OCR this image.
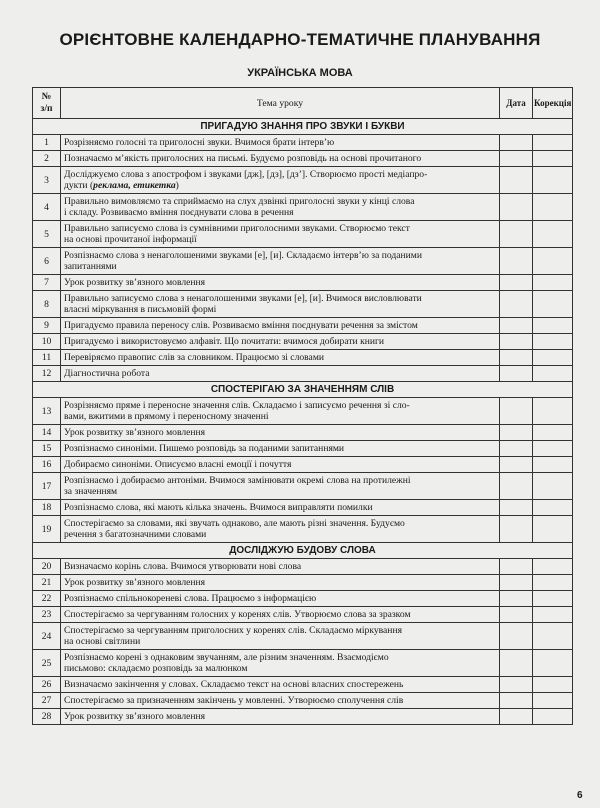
ОРІЄНТОВНЕ КАЛЕНДАРНО-ТЕМАТИЧНЕ ПЛАНУВАННЯ
УКРАЇНСЬКА МОВА
№
з/п	Тема уроку	Дата	Корекція
ПРИГАДУЮ ЗНАННЯ ПРО ЗВУКИ І БУКВИ			
1	Розрізняємо голосні та приголосні звуки. Вчимося брати інтерв’ю		
2	Позначаємо м’якість приголосних на письмі. Будуємо розповідь на основі прочитаного		
3	Досліджуємо слова з апострофом і звуками [дж], [дз], [дз’]. Створюємо прості медіапро-
дукти (реклама, етикетка)		
4	Правильно вимовляємо та сприймаємо на слух дзвінкі приголосні звуки у кінці слова
і складу. Розвиваємо вміння поєднувати слова в речення		
5	Правильно записуємо слова із сумнівними приголосними звуками. Створюємо текст
на основі прочитаної інформації		
6	Розпізнаємо слова з ненаголошеними звуками [е], [и]. Складаємо інтерв’ю за поданими
запитаннями		
7	Урок розвитку зв’язного мовлення		
8	Правильно записуємо слова з ненаголошеними звуками [е], [и]. Вчимося висловлювати
власні міркування в письмовій формі		
9	Пригадуємо правила переносу слів. Розвиваємо вміння поєднувати речення за змістом		
10	Пригадуємо і використовуємо алфавіт. Що почитати: вчимося добирати книги		
11	Перевіряємо правопис слів за словником. Працюємо зі словами		
12	Діагностична робота		
СПОСТЕРІГАЮ ЗА ЗНАЧЕННЯМ СЛІВ			
13	Розрізняємо пряме і переносне значення слів. Складаємо і записуємо речення зі сло-
вами, вжитими в прямому і переносному значенні		
14	Урок розвитку зв’язного мовлення		
15	Розпізнаємо синоніми. Пишемо розповідь за поданими запитаннями		
16	Добираємо синоніми. Описуємо власні емоції і почуття		
17	Розпізнаємо і добираємо антоніми. Вчимося замінювати окремі слова на протилежні
за значенням		
18	Розпізнаємо слова, які мають кілька значень. Вчимося виправляти помилки		
19	Спостерігаємо за словами, які звучать однаково, але мають різні значення. Будуємо
речення з багатозначними словами		
ДОСЛІДЖУЮ БУДОВУ СЛОВА			
20	Визначаємо корінь слова. Вчимося утворювати нові слова		
21	Урок розвитку зв’язного мовлення		
22	Розпізнаємо спільнокореневі слова. Працюємо з інформацією		
23	Спостерігаємо за чергуванням голосних у коренях слів. Утворюємо слова за зразком		
24	Спостерігаємо за чергуванням приголосних у коренях слів. Складаємо міркування
на основі світлини		
25	Розпізнаємо корені з однаковим звучанням, але різним значенням. Взаємодіємо
письмово: складаємо розповідь за малюнком		
26	Визначаємо закінчення у словах. Складаємо текст на основі власних спостережень		
27	Спостерігаємо за призначенням закінчень у мовленні. Утворюємо сполучення слів		
28	Урок розвитку зв’язного мовлення		
6
